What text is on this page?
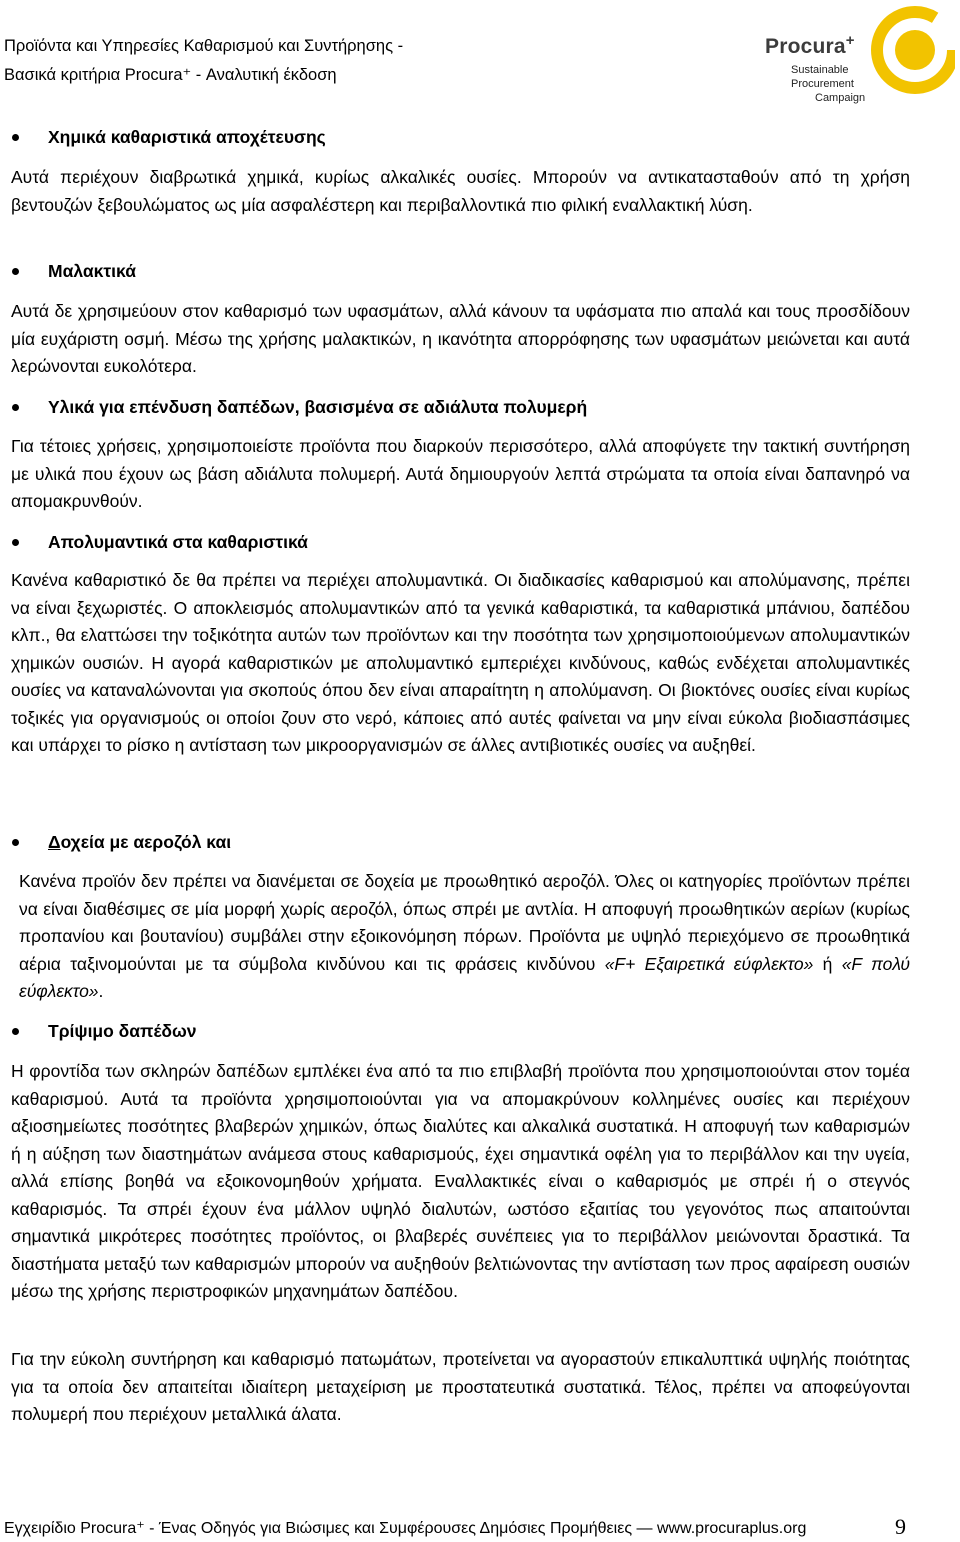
Προϊόντα και Υπηρεσίες Καθαρισμού και Συντήρησης -
Βασικά κριτήρια Procura⁺ - Αναλυτική έκδοση
Procura+
Sustainable
Procurement
Campaign
Χημικά καθαριστικά αποχέτευσης
Αυτά περιέχουν διαβρωτικά χημικά, κυρίως αλκαλικές ουσίες. Μπορούν να αντικατασταθούν από τη χρήση βεντουζών ξεβουλώματος ως μία ασφαλέστερη και περιβαλλοντικά πιο φιλική εναλλακτική λύση.
Μαλακτικά
Αυτά δε χρησιμεύουν στον καθαρισμό των υφασμάτων, αλλά κάνουν τα υφάσματα πιο απαλά και τους προσδίδουν μία ευχάριστη οσμή. Μέσω της χρήσης μαλακτικών, η ικανότητα απορρόφησης των υφασμάτων μειώνεται και αυτά λερώνονται ευκολότερα.
Υλικά για επένδυση δαπέδων, βασισμένα σε αδιάλυτα πολυμερή
Για τέτοιες χρήσεις, χρησιμοποιείστε προϊόντα που διαρκούν περισσότερο, αλλά αποφύγετε την τακτική συντήρηση με υλικά που έχουν ως βάση αδιάλυτα πολυμερή. Αυτά δημιουργούν λεπτά στρώματα τα οποία είναι δαπανηρό να απομακρυνθούν.
Απολυμαντικά στα καθαριστικά
Κανένα καθαριστικό δε θα πρέπει να περιέχει απολυμαντικά. Οι διαδικασίες καθαρισμού και απολύμανσης, πρέπει να είναι ξεχωριστές. Ο αποκλεισμός απολυμαντικών από τα γενικά καθαριστικά, τα καθαριστικά μπάνιου, δαπέδου κλπ., θα ελαττώσει την τοξικότητα αυτών των προϊόντων και την ποσότητα των χρησιμοποιούμενων απολυμαντικών χημικών ουσιών. Η αγορά καθαριστικών με απολυμαντικό εμπεριέχει κινδύνους, καθώς ενδέχεται απολυμαντικές ουσίες να καταναλώνονται για σκοπούς όπου δεν είναι απαραίτητη η απολύμανση. Οι βιοκτόνες ουσίες είναι κυρίως τοξικές για οργανισμούς οι οποίοι ζουν στο νερό, κάποιες από αυτές φαίνεται να μην είναι εύκολα βιοδιασπάσιμες και υπάρχει το ρίσκο η αντίσταση των μικροοργανισμών σε άλλες αντιβιοτικές ουσίες να αυξηθεί.
Δοχεία με αεροζόλ και
Κανένα προϊόν δεν πρέπει να διανέμεται σε δοχεία με προωθητικό αεροζόλ. Όλες οι κατηγορίες προϊόντων πρέπει να είναι διαθέσιμες σε μία μορφή χωρίς αεροζόλ, όπως σπρέι με αντλία. Η αποφυγή προωθητικών αερίων (κυρίως προπανίου και βουτανίου) συμβάλει στην εξοικονόμηση πόρων. Προϊόντα με υψηλό περιεχόμενο σε προωθητικά αέρια ταξινομούνται με τα σύμβολα κινδύνου και τις φράσεις κινδύνου «F+ Εξαιρετικά εύφλεκτο» ή «F πολύ εύφλεκτο».
Τρίψιμο δαπέδων
Η φροντίδα των σκληρών δαπέδων εμπλέκει ένα από τα πιο επιβλαβή προϊόντα που χρησιμοποιούνται στον τομέα καθαρισμού. Αυτά τα προϊόντα χρησιμοποιούνται για να απομακρύνουν κολλημένες ουσίες και περιέχουν αξιοσημείωτες ποσότητες βλαβερών χημικών, όπως διαλύτες και αλκαλικά συστατικά. Η αποφυγή των καθαρισμών ή η αύξηση των διαστημάτων ανάμεσα στους καθαρισμούς, έχει σημαντικά οφέλη για το περιβάλλον και την υγεία, αλλά επίσης βοηθά να εξοικονομηθούν χρήματα. Εναλλακτικές είναι ο καθαρισμός με σπρέι ή ο στεγνός καθαρισμός. Τα σπρέι έχουν ένα μάλλον υψηλό διαλυτών, ωστόσο εξαιτίας του γεγονότος πως απαιτούνται σημαντικά μικρότερες ποσότητες προϊόντος, οι βλαβερές συνέπειες για το περιβάλλον μειώνονται δραστικά. Τα διαστήματα μεταξύ των καθαρισμών μπορούν να αυξηθούν βελτιώνοντας την αντίσταση των προς αφαίρεση ουσιών μέσω της χρήσης περιστροφικών μηχανημάτων δαπέδου.
Για την εύκολη συντήρηση και καθαρισμό πατωμάτων, προτείνεται να αγοραστούν επικαλυπτικά υψηλής ποιότητας για τα οποία δεν απαιτείται ιδιαίτερη μεταχείριση με προστατευτικά συστατικά. Τέλος, πρέπει να αποφεύγονται πολυμερή που περιέχουν μεταλλικά άλατα.
Εγχειρίδιο Procura⁺ - Ένας Οδηγός για Βιώσιμες και Συμφέρουσες Δημόσιες Προμήθειες — www.procuraplus.org	9
